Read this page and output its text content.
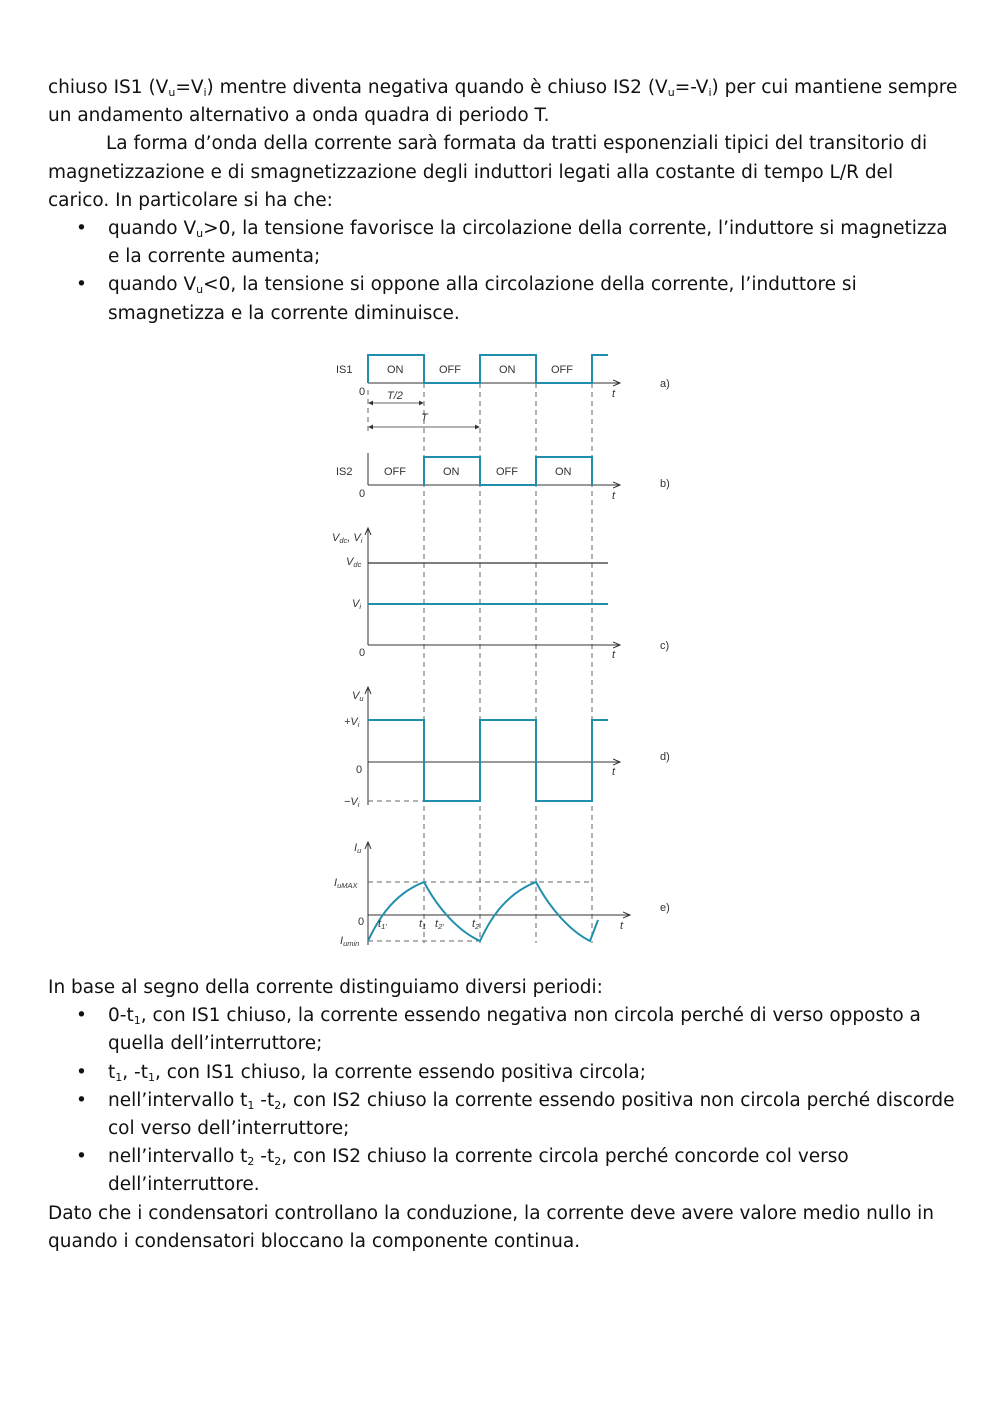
chiuso IS1 $(V_u=V_i)$ mentre diventa negativa quando è chiuso IS2 $(V_u=-V_i)$ per cui mantiene sempre
un andamento alternativo a onda quadra di periodo T.

La forma d’onda della corrente sarà formata da tratti esponenziali tipici del transitorio di magnetizzazione e di smagnetizzazione degli induttori legati alla costante di tempo L/R del carico. In particolare si ha che:

• quando $V_u>0$, la tensione favorisce la circolazione della corrente, l’induttore si magnetizza e la corrente aumenta;
• quando $V_u<0$, la tensione si oppone alla circolazione della corrente, l’induttore si smagnetizza e la corrente diminuisce.
IS1
0	t
a)
ON	OFF	ON	OFF
T/2
T
IS2
0	t
b)
OFF	ON	OFF	ON
Vdc, Vi
Vdc
Vi
0	t
c)
Vu
+Vi
0
−Vi
t
d)
Iu
IuMAX
0
Iumin
t1'	t1 t2'	t2	t
e)

In base al segno della corrente distinguiamo diversi periodi:

• $0-t_1$, con IS1 chiuso, la corrente essendo negativa non circola perché di verso opposto a quella dell’interruttore;
• $t_1$, $-t_1$, con IS1 chiuso, la corrente essendo positiva circola;
• nell’intervallo $t_1$ $-t_2$, con IS2 chiuso la corrente essendo positiva non circola perché discorde col verso dell’interruttore;
• nell’intervallo $t_2$ $-t_2$, con IS2 chiuso la corrente circola perché concorde col verso dell’interruttore.

Dato che i condensatori controllano la conduzione, la corrente deve avere valore medio nullo in quando i condensatori bloccano la componente continua.
